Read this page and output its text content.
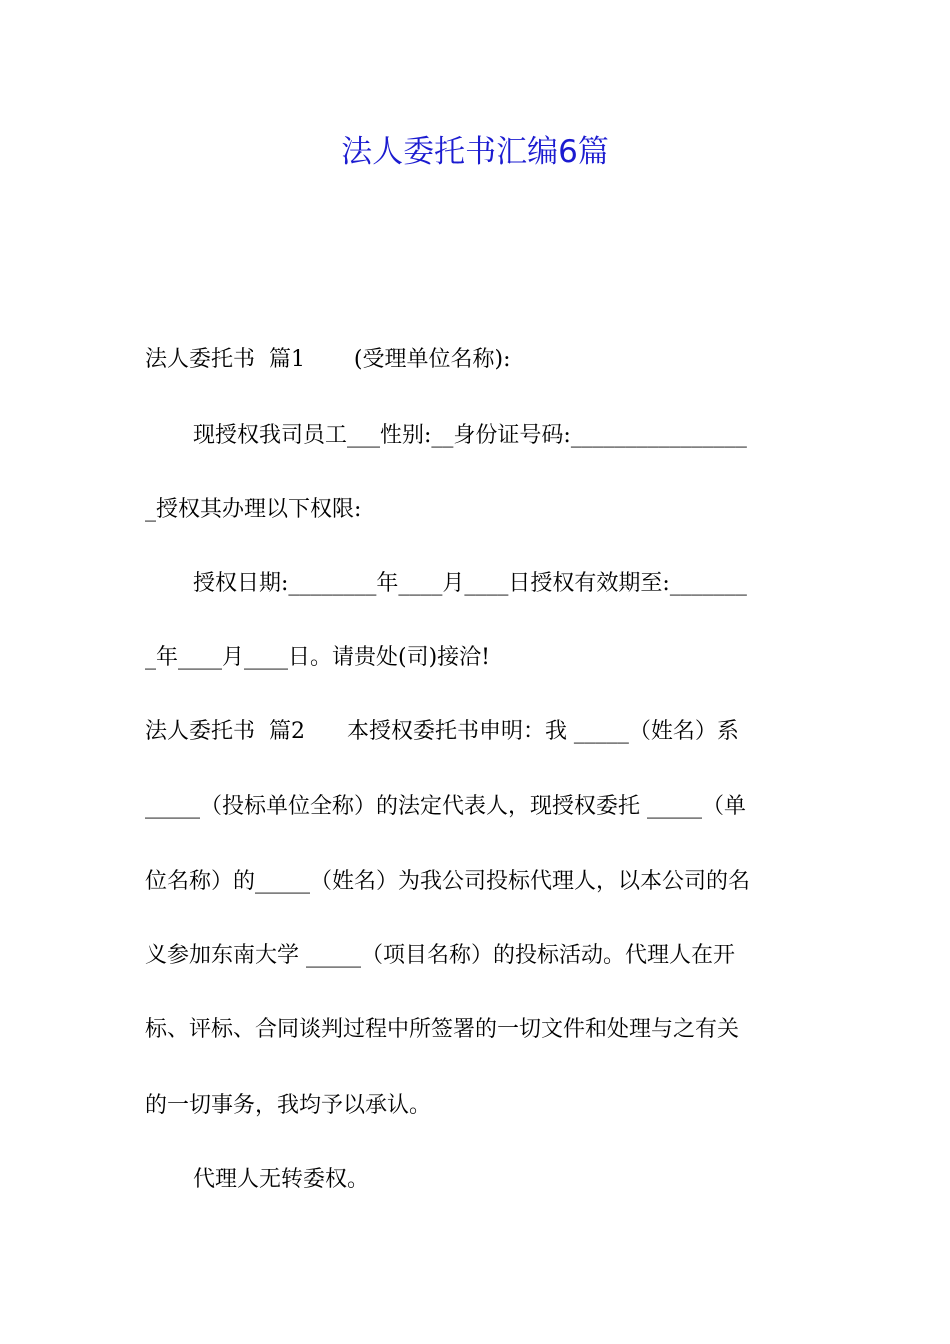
法人委托书汇编6篇
法人委托书  篇1       (受理单位名称):
现授权我司员工___性别:__身份证号码:________________
_授权其办理以下权限:
授权日期:________年____月____日授权有效期至:_______
_年____月____日。请贵处(司)接洽!
法人委托书  篇2      本授权委托书申明：我 _____（姓名）系
_____（投标单位全称）的法定代表人，现授权委托 _____（单
位名称）的_____（姓名）为我公司投标代理人，以本公司的名
义参加东南大学 _____（项目名称）的投标活动。代理人在开
标、评标、合同谈判过程中所签署的一切文件和处理与之有关
的一切事务，我均予以承认。
代理人无转委权。
